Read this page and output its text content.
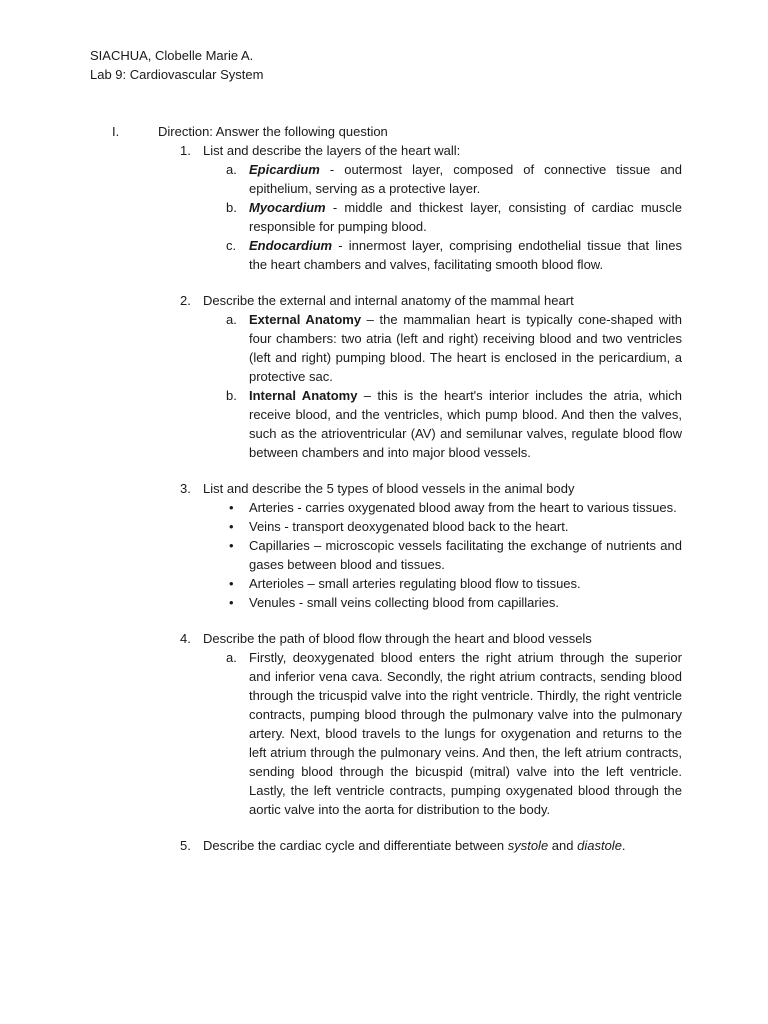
SIACHUA, Clobelle Marie A.
Lab 9: Cardiovascular System
I.	Direction: Answer the following question
1. List and describe the layers of the heart wall:
a. Epicardium - outermost layer, composed of connective tissue and epithelium, serving as a protective layer.
b. Myocardium - middle and thickest layer, consisting of cardiac muscle responsible for pumping blood.
c. Endocardium - innermost layer, comprising endothelial tissue that lines the heart chambers and valves, facilitating smooth blood flow.
2. Describe the external and internal anatomy of the mammal heart
a. External Anatomy – the mammalian heart is typically cone-shaped with four chambers: two atria (left and right) receiving blood and two ventricles (left and right) pumping blood. The heart is enclosed in the pericardium, a protective sac.
b. Internal Anatomy – this is the heart's interior includes the atria, which receive blood, and the ventricles, which pump blood. And then the valves, such as the atrioventricular (AV) and semilunar valves, regulate blood flow between chambers and into major blood vessels.
3. List and describe the 5 types of blood vessels in the animal body
• Arteries - carries oxygenated blood away from the heart to various tissues.
• Veins - transport deoxygenated blood back to the heart.
• Capillaries – microscopic vessels facilitating the exchange of nutrients and gases between blood and tissues.
• Arterioles – small arteries regulating blood flow to tissues.
• Venules - small veins collecting blood from capillaries.
4. Describe the path of blood flow through the heart and blood vessels
a. Firstly, deoxygenated blood enters the right atrium through the superior and inferior vena cava. Secondly, the right atrium contracts, sending blood through the tricuspid valve into the right ventricle. Thirdly, the right ventricle contracts, pumping blood through the pulmonary valve into the pulmonary artery. Next, blood travels to the lungs for oxygenation and returns to the left atrium through the pulmonary veins. And then, the left atrium contracts, sending blood through the bicuspid (mitral) valve into the left ventricle. Lastly, the left ventricle contracts, pumping oxygenated blood through the aortic valve into the aorta for distribution to the body.
5. Describe the cardiac cycle and differentiate between systole and diastole.
